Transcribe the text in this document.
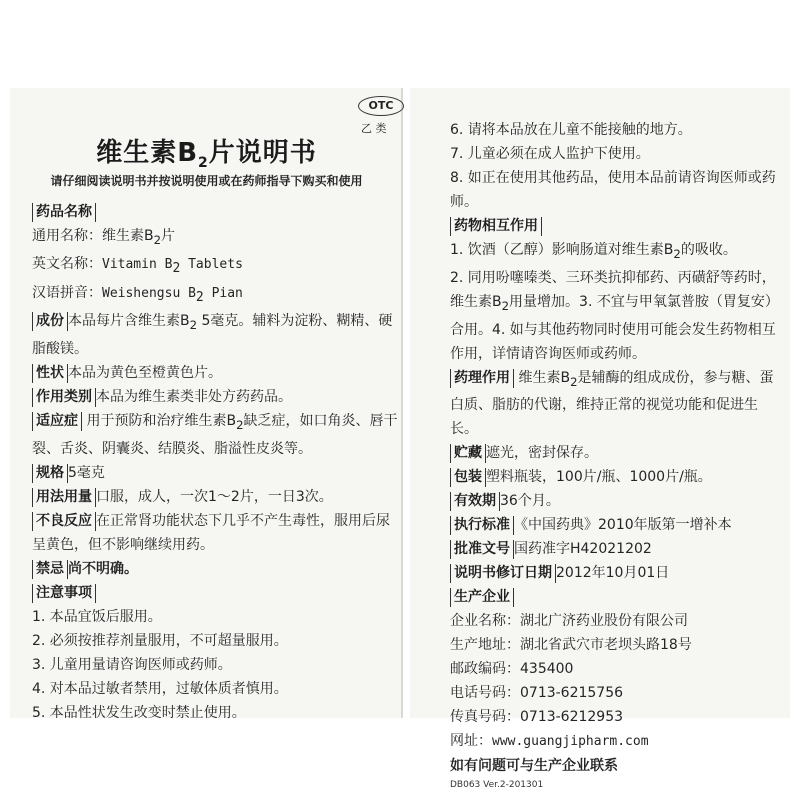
OTC
乙 类
维生素$B_2$片说明书
请仔细阅读说明书并按说明使用或在药师指导下购买和使用
药品名称
通用名称：维生素$B_2$片
英文名称：Vitamin $B_2$ Tablets
汉语拼音：Weishengsu $B_2$ Pian
成份 本品每片含维生素$B_2$ 5毫克。辅料为淀粉、糊精、硬脂酸镁。
性状 本品为黄色至橙黄色片。
作用类别 本品为维生素类非处方药药品。
适应症 用于预防和治疗维生素$B_2$缺乏症，如口角炎、唇干裂、舌炎、阴囊炎、结膜炎、脂溢性皮炎等。
规格 5毫克
用法用量 口服，成人，一次1～2片，一日3次。
不良反应 在正常肾功能状态下几乎不产生毒性，服用后尿呈黄色，但不影响继续用药。
禁忌 尚不明确。
注意事项
1. 本品宜饭后服用。
2. 必须按推荐剂量服用，不可超量服用。
3. 儿童用量请咨询医师或药师。
4. 对本品过敏者禁用，过敏体质者慎用。
5. 本品性状发生改变时禁止使用。
6. 请将本品放在儿童不能接触的地方。
7. 儿童必须在成人监护下使用。
8. 如正在使用其他药品，使用本品前请咨询医师或药师。
药物相互作用
1. 饮酒（乙醇）影响肠道对维生素$B_2$的吸收。
2. 同用吩噻嗪类、三环类抗抑郁药、丙磺舒等药时，维生素$B_2$用量增加。3. 不宜与甲氧氯普胺（胃复安）合用。4. 如与其他药物同时使用可能会发生药物相互作用，详情请咨询医师或药师。
药理作用 维生素$B_2$是辅酶的组成成份，参与糖、蛋白质、脂肪的代谢，维持正常的视觉功能和促进生长。
贮藏 遮光，密封保存。
包装 塑料瓶装，100片/瓶、1000片/瓶。
有效期 36个月。
执行标准 《中国药典》2010年版第一增补本
批准文号 国药准字H42021202
说明书修订日期 2012年10月01日
生产企业
企业名称：湖北广济药业股份有限公司
生产地址：湖北省武穴市老坝头路18号
邮政编码：435400
电话号码：0713-6215756
传真号码：0713-6212953
网址：www.guangjipharm.com
如有问题可与生产企业联系
DB063 Ver.2-201301
